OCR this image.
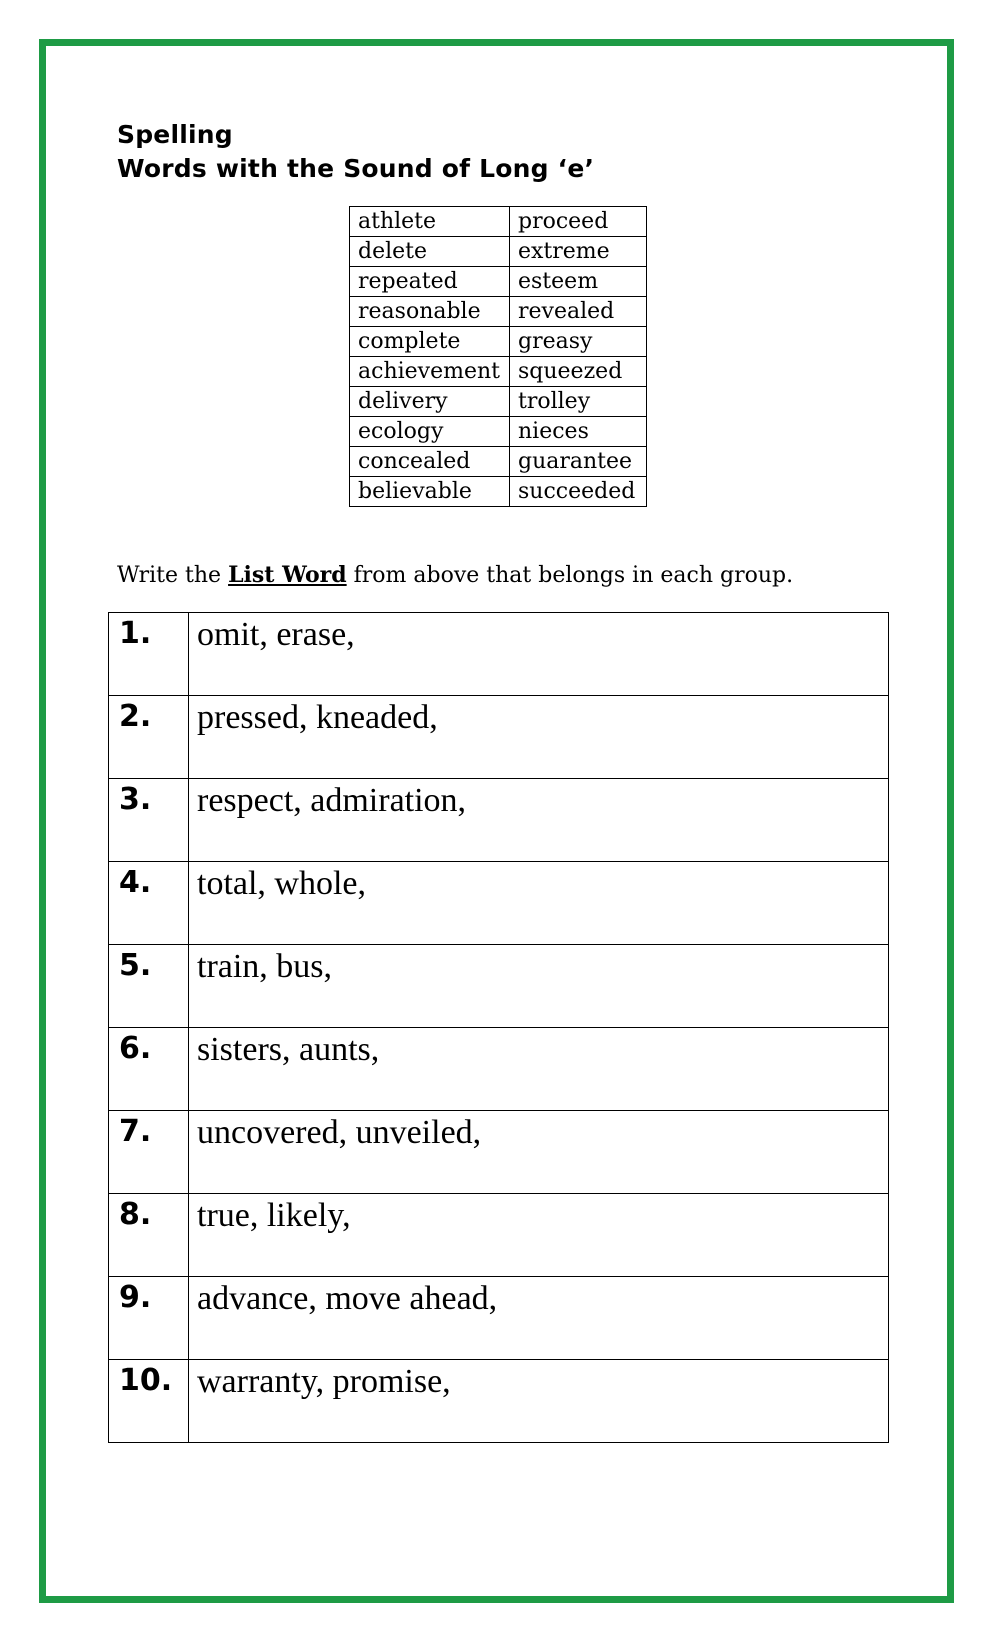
Spelling
Words with the Sound of Long ‘e’
athlete	proceed
delete	extreme
repeated	esteem
reasonable	revealed
complete	greasy
achievement	squeezed
delivery	trolley
ecology	nieces
concealed	guarantee
believable	succeeded
Write the List Word from above that belongs in each group.
1.	omit, erase,
2.	pressed, kneaded,
3.	respect, admiration,
4.	total, whole,
5.	train, bus,
6.	sisters, aunts,
7.	uncovered, unveiled,
8.	true, likely,
9.	advance, move ahead,
10.	warranty, promise,
